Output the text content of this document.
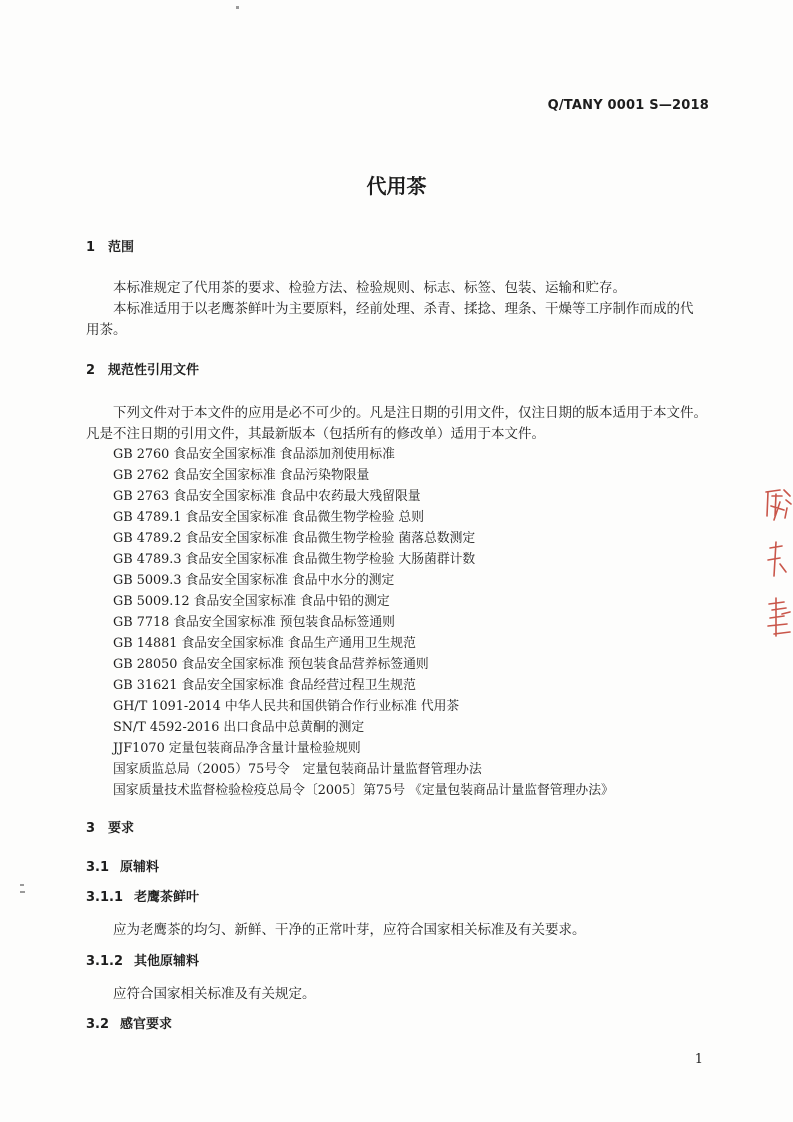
Q/TANY 0001 S—2018
代用茶
1 范围
本标准规定了代用茶的要求、检验方法、检验规则、标志、标签、包装、运输和贮存。
本标准适用于以老鹰茶鲜叶为主要原料，经前处理、杀青、揉捻、理条、干燥等工序制作而成的代
用茶。
2 规范性引用文件
下列文件对于本文件的应用是必不可少的。凡是注日期的引用文件，仅注日期的版本适用于本文件。
凡是不注日期的引用文件，其最新版本（包括所有的修改单）适用于本文件。
GB 2760 食品安全国家标准 食品添加剂使用标准
GB 2762 食品安全国家标准 食品污染物限量
GB 2763 食品安全国家标准 食品中农药最大残留限量
GB 4789.1 食品安全国家标准 食品微生物学检验 总则
GB 4789.2 食品安全国家标准 食品微生物学检验 菌落总数测定
GB 4789.3 食品安全国家标准 食品微生物学检验 大肠菌群计数
GB 5009.3 食品安全国家标准 食品中水分的测定
GB 5009.12 食品安全国家标准 食品中铅的测定
GB 7718 食品安全国家标准 预包装食品标签通则
GB 14881 食品安全国家标准 食品生产通用卫生规范
GB 28050 食品安全国家标准 预包装食品营养标签通则
GB 31621 食品安全国家标准 食品经营过程卫生规范
GH/T 1091-2014 中华人民共和国供销合作行业标准 代用茶
SN/T 4592-2016 出口食品中总黄酮的测定
JJF1070 定量包装商品净含量计量检验规则
国家质监总局（2005）75号令　定量包装商品计量监督管理办法
国家质量技术监督检验检疫总局令〔2005〕第75号 《定量包装商品计量监督管理办法》
3 要求
3.1 原辅料
3.1.1 老鹰茶鲜叶
应为老鹰茶的均匀、新鲜、干净的正常叶芽，应符合国家相关标准及有关要求。
3.1.2 其他原辅料
应符合国家相关标准及有关规定。
3.2 感官要求
1
